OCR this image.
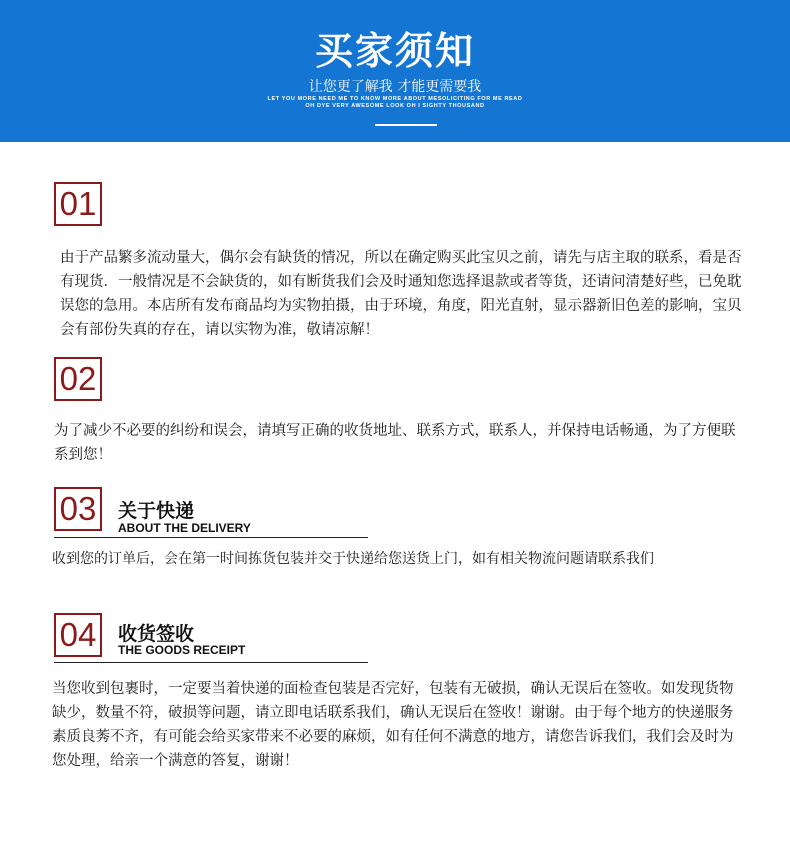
买家须知
让您更了解我 才能更需要我
LET YOU MORE NEED ME TO KNOW MORE ABOUT MESOLICITING FOR ME READ
OH DYE VERY AWESOME LOOK OH I SIGHTY THOUSAND
01

由于产品繁多流动量大，偶尔会有缺货的情况，所以在确定购买此宝贝之前，请先与店主取的联系，看是否有现货．一般情况是不会缺货的，如有断货我们会及时通知您选择退款或者等货，还请问清楚好些，已免耽误您的急用。本店所有发布商品均为实物拍摄，由于环境，角度，阳光直射，显示器新旧色差的影响，宝贝会有部份失真的存在，请以实物为准，敬请凉解！

02

为了减少不必要的纠纷和误会，请填写正确的收货地址、联系方式，联系人，并保持电话畅通，为了方便联系到您！

03 关于快递
ABOUT THE DELIVERY

收到您的订单后，会在第一时间拣货包装并交于快递给您送货上门，如有相关物流问题请联系我们

04 收货签收
THE GOODS RECEIPT

当您收到包裹时，一定要当着快递的面检查包装是否完好，包装有无破损，确认无误后在签收。如发现货物缺少，数量不符，破损等问题，请立即电话联系我们，确认无误后在签收！谢谢。由于每个地方的快递服务素质良莠不齐，有可能会给买家带来不必要的麻烦，如有任何不满意的地方，请您告诉我们，我们会及时为您处理，给亲一个满意的答复，谢谢！
